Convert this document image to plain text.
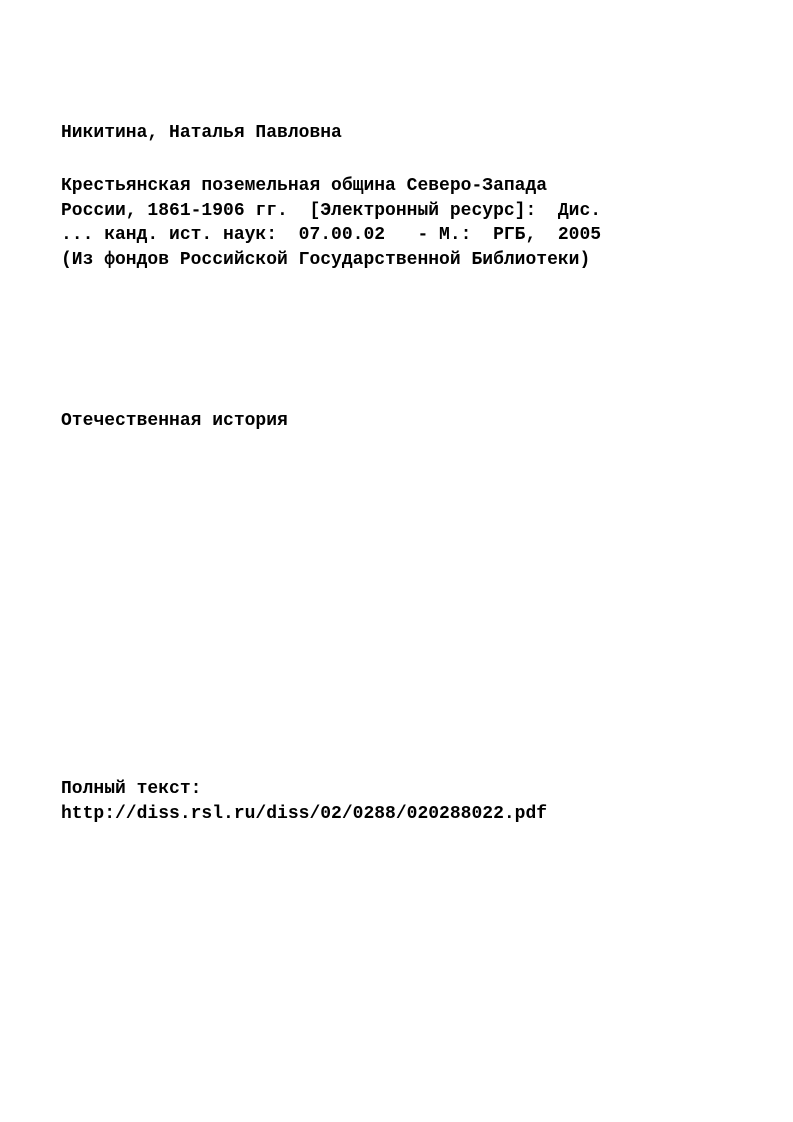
Никитина, Наталья Павловна

Крестьянская поземельная община Северо-Запада

России, 1861-1906 гг.  [Электронный ресурс]:  Дис.

... канд. ист. наук:  07.00.02   - М.:  РГБ,  2005

(Из фондов Российской Государственной Библиотеки)

Отечественная история

Полный текст:

http://diss.rsl.ru/diss/02/0288/020288022.pdf
